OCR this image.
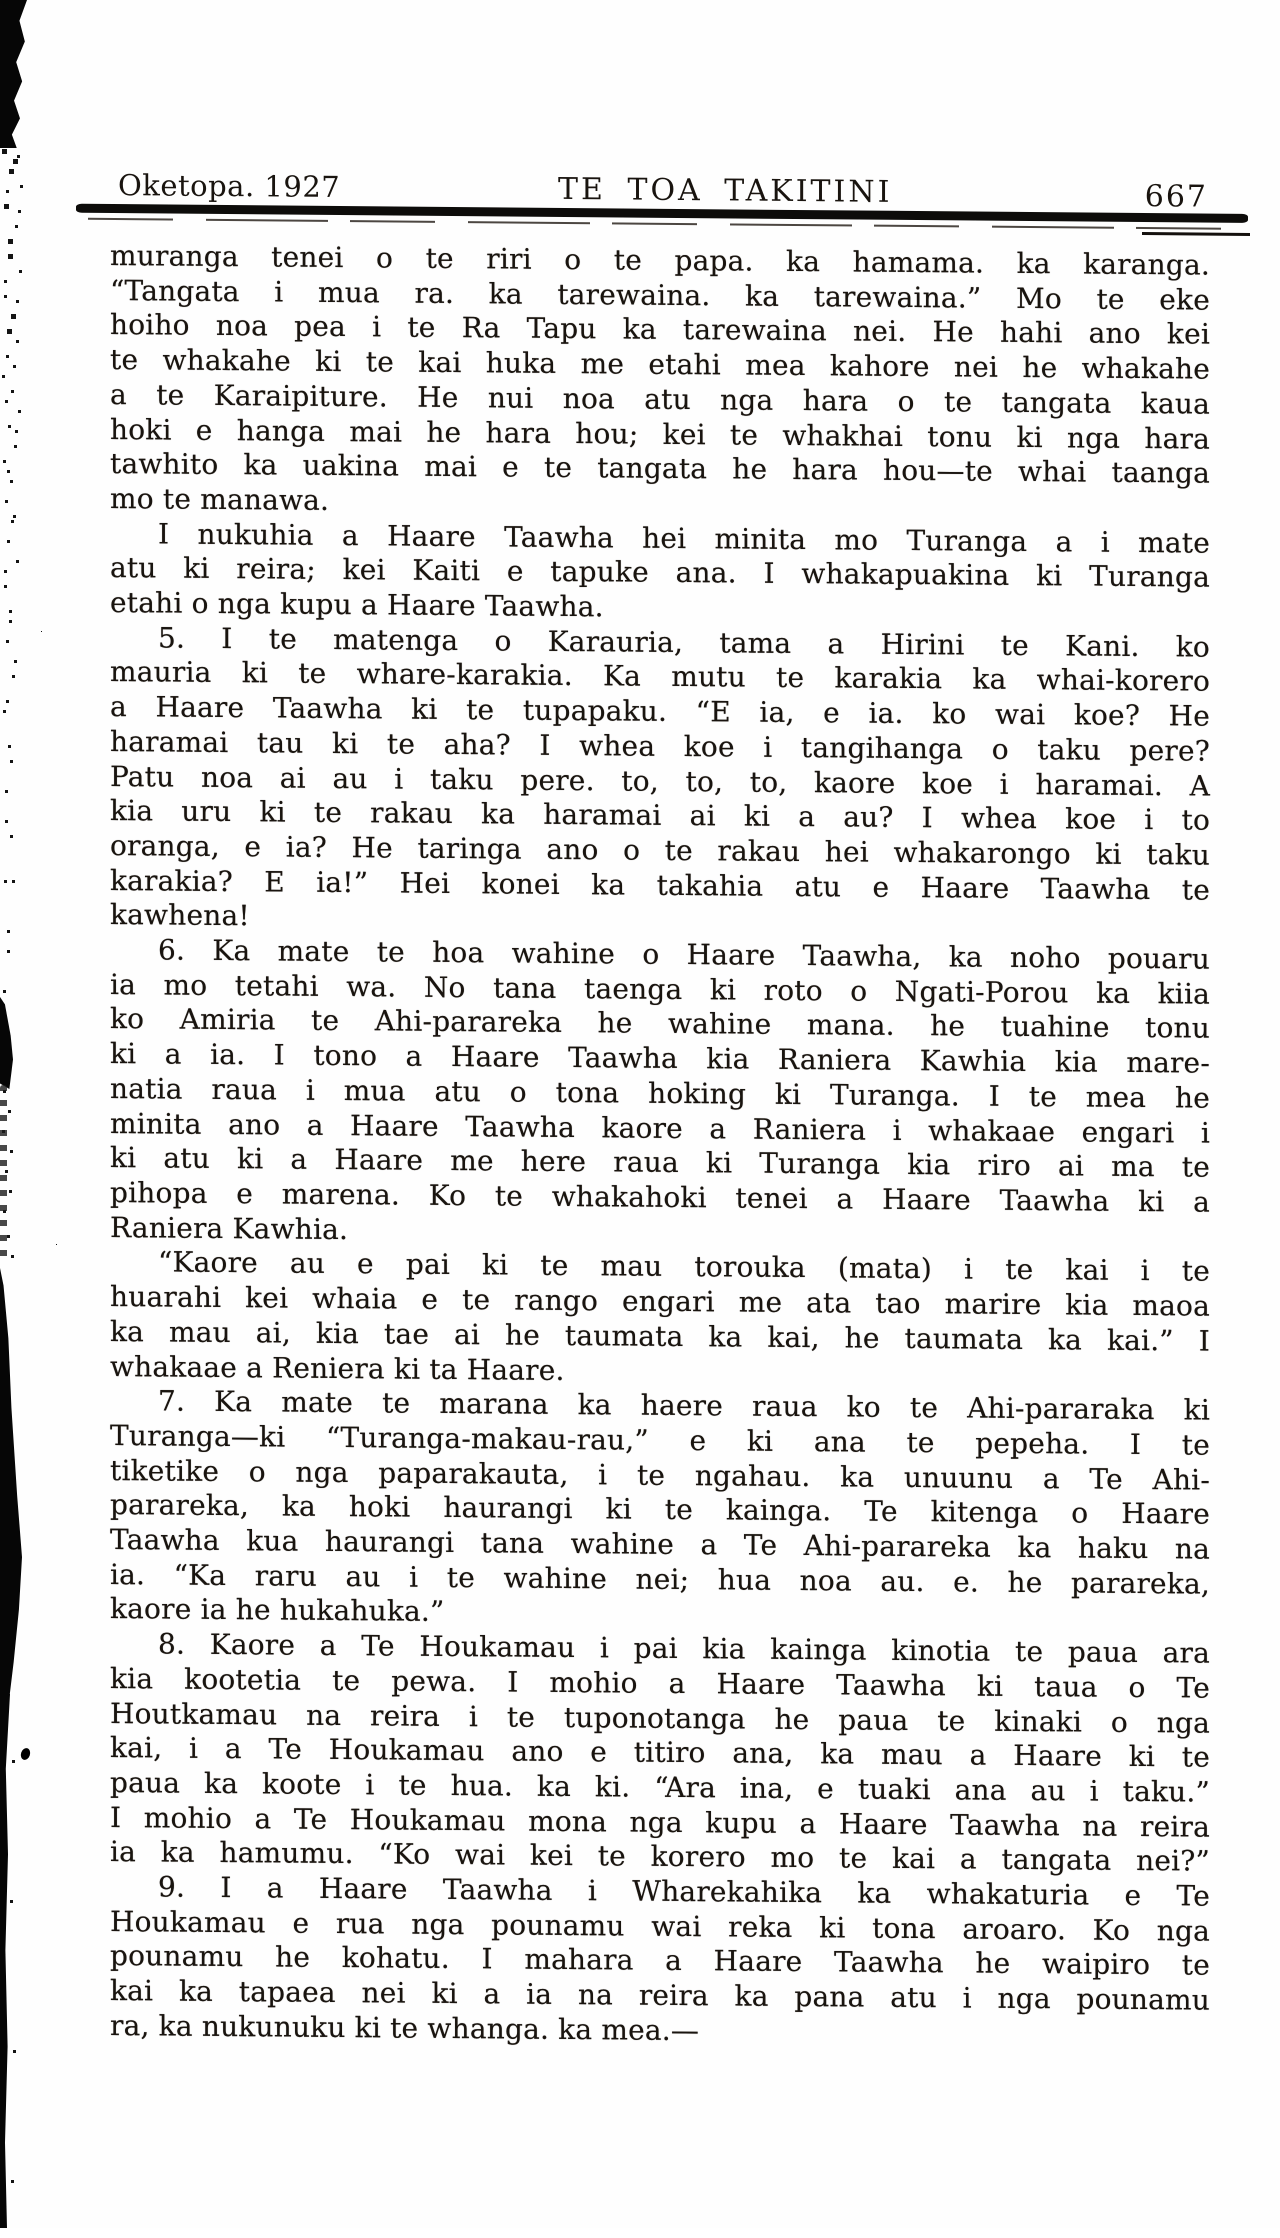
Oketopa. 1927	TE TOA TAKITINI	667
muranga tenei o te riri o te papa. ka hamama. ka karanga.
“Tangata i mua ra. ka tarewaina. ka tarewaina.” Mo te eke
hoiho noa pea i te Ra Tapu ka tarewaina nei. He hahi ano kei
te whakahe ki te kai huka me etahi mea kahore nei he whakahe
a te Karaipiture. He nui noa atu nga hara o te tangata kaua
hoki e hanga mai he hara hou; kei te whakhai tonu ki nga hara
tawhito ka uakina mai e te tangata he hara hou—te whai taanga
mo te manawa.
I nukuhia a Haare Taawha hei minita mo Turanga a i mate
atu ki reira; kei Kaiti e tapuke ana. I whakapuakina ki Turanga
etahi o nga kupu a Haare Taawha.
5. I te matenga o Karauria, tama a Hirini te Kani. ko
mauria ki te whare-karakia. Ka mutu te karakia ka whai-korero
a Haare Taawha ki te tupapaku. “E ia, e ia. ko wai koe? He
haramai tau ki te aha? I whea koe i tangihanga o taku pere?
Patu noa ai au i taku pere. to, to, to, kaore koe i haramai. A
kia uru ki te rakau ka haramai ai ki a au? I whea koe i to
oranga, e ia? He taringa ano o te rakau hei whakarongo ki taku
karakia? E ia!” Hei konei ka takahia atu e Haare Taawha te
kawhena!
6. Ka mate te hoa wahine o Haare Taawha, ka noho pouaru
ia mo tetahi wa. No tana taenga ki roto o Ngati-Porou ka kiia
ko Amiria te Ahi-parareka he wahine mana. he tuahine tonu
ki a ia. I tono a Haare Taawha kia Raniera Kawhia kia mare-
natia raua i mua atu o tona hoking ki Turanga. I te mea he
minita ano a Haare Taawha kaore a Raniera i whakaae engari i
ki atu ki a Haare me here raua ki Turanga kia riro ai ma te
pihopa e marena. Ko te whakahoki tenei a Haare Taawha ki a
Raniera Kawhia.
“Kaore au e pai ki te mau torouka (mata) i te kai i te
huarahi kei whaia e te rango engari me ata tao marire kia maoa
ka mau ai, kia tae ai he taumata ka kai, he taumata ka kai.” I
whakaae a Reniera ki ta Haare.
7. Ka mate te marana ka haere raua ko te Ahi-pararaka ki
Turanga—ki “Turanga-makau-rau,” e ki ana te pepeha. I te
tiketike o nga paparakauta, i te ngahau. ka unuunu a Te Ahi-
parareka, ka hoki haurangi ki te kainga. Te kitenga o Haare
Taawha kua haurangi tana wahine a Te Ahi-parareka ka haku na
ia. “Ka raru au i te wahine nei; hua noa au. e. he parareka,
kaore ia he hukahuka.”
8. Kaore a Te Houkamau i pai kia kainga kinotia te paua ara
kia kootetia te pewa. I mohio a Haare Taawha ki taua o Te
Houtkamau na reira i te tuponotanga he paua te kinaki o nga
kai, i a Te Houkamau ano e titiro ana, ka mau a Haare ki te
paua ka koote i te hua. ka ki. “Ara ina, e tuaki ana au i taku.”
I mohio a Te Houkamau mona nga kupu a Haare Taawha na reira
ia ka hamumu. “Ko wai kei te korero mo te kai a tangata nei?”
9. I a Haare Taawha i Wharekahika ka whakaturia e Te
Houkamau e rua nga pounamu wai reka ki tona aroaro. Ko nga
pounamu he kohatu. I mahara a Haare Taawha he waipiro te
kai ka tapaea nei ki a ia na reira ka pana atu i nga pounamu
ra, ka nukunuku ki te whanga. ka mea.—
